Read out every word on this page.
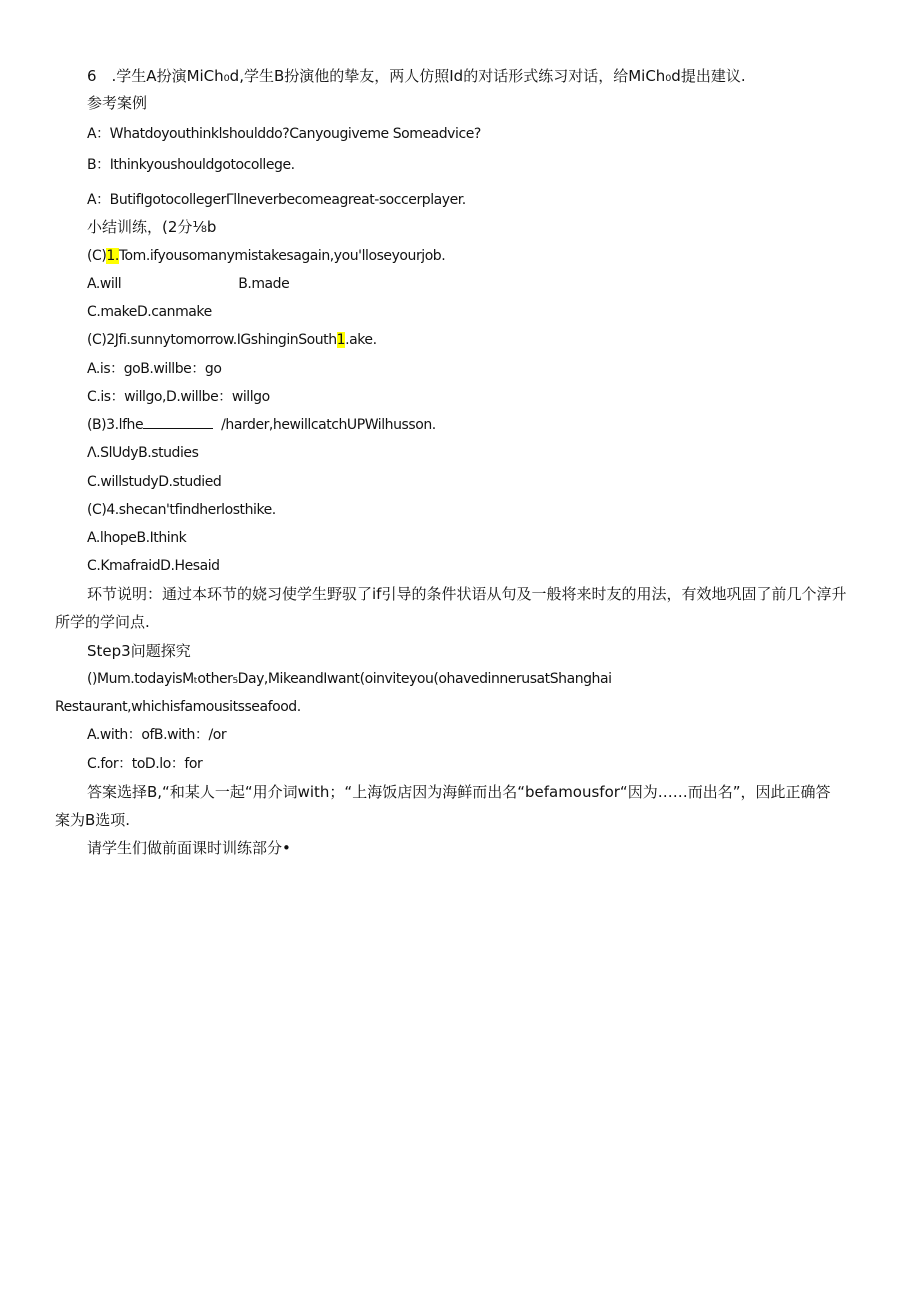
6　.学生A扮演MiCh₀d,学生B扮演他的挚友，两人仿照Id的对话形式练习对话，给MiCh₀d提出建议.
参考案例
A：Whatdoyouthinklshoulddo?Canyougiveme Someadvice?
B：Ithinkyoushouldgotocollege.
A：ButifIgotocollegerΓllneverbecomeagreat-soccerplayer.
小结训练，(2分⅛b
(C)1.Tom.ifyousomanymistakesagain,you'lloseyourjob.
A.will	B.made
C.makeD.canmake
(C)2Jfi.sunnytomorrow.IGshinginSouth1.ake.
A.is：goB.willbe：go
C.is：willgo,D.willbe：willgo
(B)3.lfhe	/harder,hewillcatchUPWilhusson.
Λ.SlUdyB.studies
C.willstudyD.studied
(C)4.shecan'tfindherlosthike.
A.lhopeB.Ithink
C.KmafraidD.Hesaid
环节说明：通过本环节的娆习使学生野驭了if引导的条件状语从句及一般将来时友的用法，有效地巩固了前几个淳升
所学的学问点.
Step3问题探究
()Mum.todayisMₜother₅Day,MikeandIwant(oinviteyou(ohavedinnerusatShanghai
Restaurant,whichisfamousitsseafood.
A.with：ofB.with：/or
C.for：toD.lo：for
答案选择B,“和某人一起“用介词with；“上海饭店因为海鲜而出名“befamousfor“因为……而出名”，因此正确答
案为B选项.
请学生们做前面课时训练部分•
